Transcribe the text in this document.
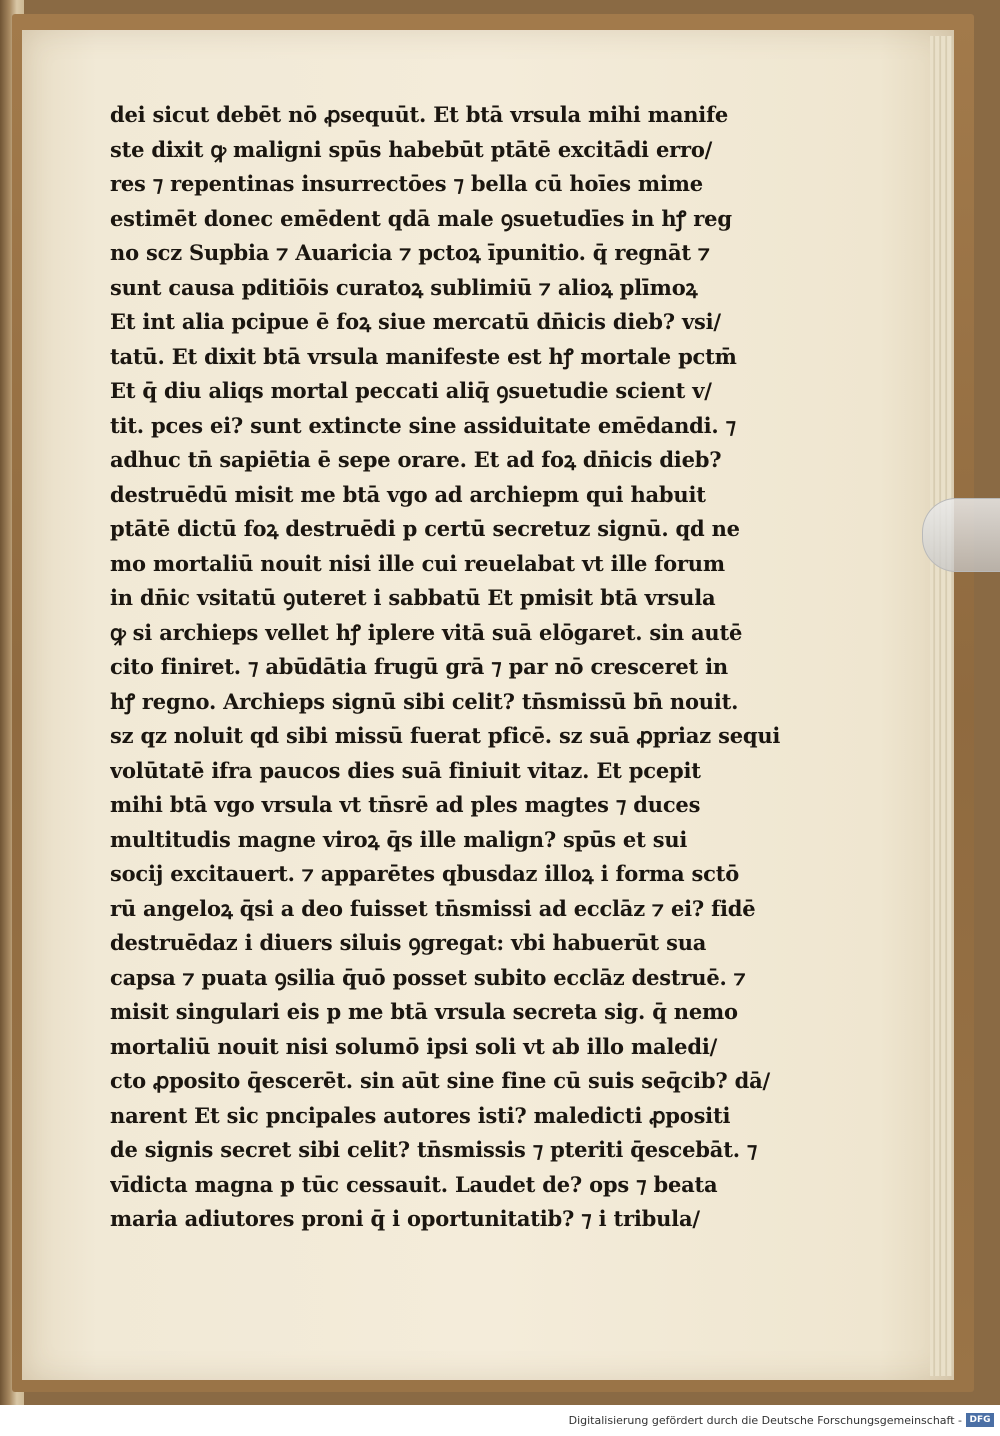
dei sicut debēt nō ꝓsequūt. Et btā vrsula mihi manife
ste dixit ꝙ maligni spūs habebūt ptātē excitādi erro/
res ⁊ repentinas insurrectōes ⁊ bella cū hoīes mime
estimēt donec emēdent qdā male ꝯsuetudīes in hꝭ reg
no scz Supbia ⁊ Auaricia ⁊ pctoꝝ īpunitio. q̄ regnāt ⁊
sunt causa pditiōis curatoꝝ sublimiū ⁊ alioꝝ plīmoꝝ
Et int alia pcipue ē foꝝ siue mercatū dn̄icis dieb? vsi/
tatū. Et dixit btā vrsula manifeste est hꝭ mortale pctm̄
Et q̄ diu aliqs mortal peccati aliq̄ ꝯsuetudie scient v/
tit. pces ei? sunt extincte sine assiduitate emēdandi. ⁊
adhuc tn̄ sapiētia ē sepe orare. Et ad foꝝ dn̄icis dieb?
destruēdū misit me btā vgo ad archiepm qui habuit
ptātē dictū foꝝ destruēdi p certū secretuz signū. qd ne
mo mortaliū nouit nisi ille cui reuelabat vt ille forum
in dn̄ic vsitatū ꝯuteret i sabbatū Et pmisit btā vrsula
ꝙ si archieps vellet hꝭ iplere vitā suā elōgaret. sin autē
cito finiret. ⁊ abūdātia frugū grā ⁊ par nō cresceret in
hꝭ regno. Archieps signū sibi celit? tn̄smissū bn̄ nouit.
sz qz noluit qd sibi missū fuerat pficē. sz suā ꝓpriaz sequi
volūtatē ifra paucos dies suā finiuit vitaz. Et pcepit
mihi btā vgo vrsula vt tn̄srē ad ples magtes ⁊ duces
multitudis magne viroꝝ q̄s ille malign? spūs et sui
socij excitauert. ⁊ apparētes qbusdaz illoꝝ i forma sctō
rū angeloꝝ q̄si a deo fuisset tn̄smissi ad ecclāz ⁊ ei? fidē
destruēdaz i diuers siluis ꝯgregat: vbi habuerūt sua
capsa ⁊ puata ꝯsilia q̄uō posset subito ecclāz destruē. ⁊
misit singulari eis p me btā vrsula secreta sig. q̄ nemo
mortaliū nouit nisi solumō ipsi soli vt ab illo maledi/
cto ꝓposito q̄escerēt. sin aūt sine fine cū suis seq̄cib? dā/
narent Et sic pncipales autores isti? maledicti ꝓpositi
de signis secret sibi celit? tn̄smissis ⁊ pteriti q̄escebāt. ⁊
vīdicta magna p tūc cessauit. Laudet de? ops ⁊ beata
maria adiutores proni q̄ i oportunitatib? ⁊ i tribula/
Digitalisierung gefördert durch die Deutsche Forschungsgemeinschaft - DFG
